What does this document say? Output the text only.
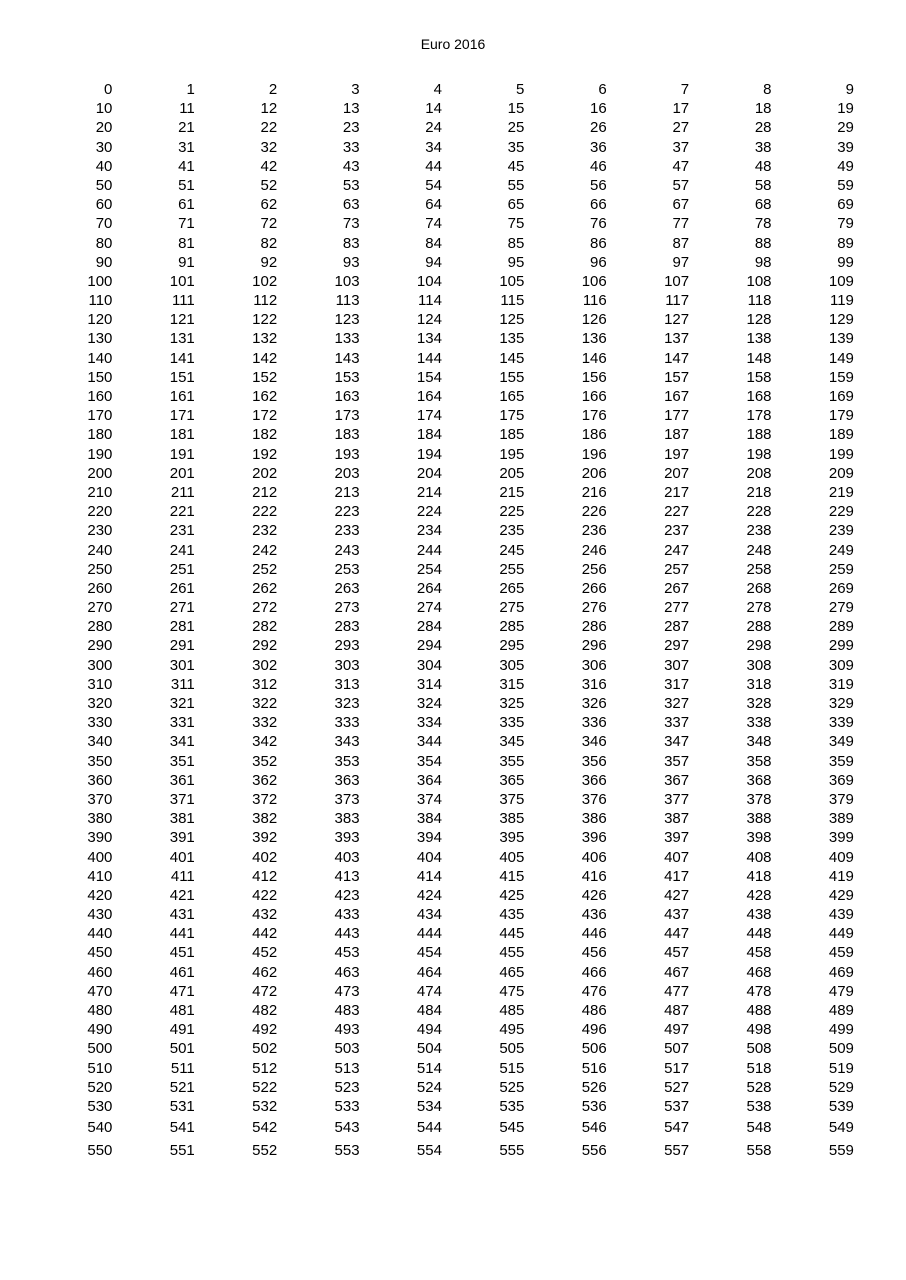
Euro 2016
0	1	2	3	4	5	6	7	8	9
10	11	12	13	14	15	16	17	18	19
20	21	22	23	24	25	26	27	28	29
30	31	32	33	34	35	36	37	38	39
40	41	42	43	44	45	46	47	48	49
50	51	52	53	54	55	56	57	58	59
60	61	62	63	64	65	66	67	68	69
70	71	72	73	74	75	76	77	78	79
80	81	82	83	84	85	86	87	88	89
90	91	92	93	94	95	96	97	98	99
100	101	102	103	104	105	106	107	108	109
110	111	112	113	114	115	116	117	118	119
120	121	122	123	124	125	126	127	128	129
130	131	132	133	134	135	136	137	138	139
140	141	142	143	144	145	146	147	148	149
150	151	152	153	154	155	156	157	158	159
160	161	162	163	164	165	166	167	168	169
170	171	172	173	174	175	176	177	178	179
180	181	182	183	184	185	186	187	188	189
190	191	192	193	194	195	196	197	198	199
200	201	202	203	204	205	206	207	208	209
210	211	212	213	214	215	216	217	218	219
220	221	222	223	224	225	226	227	228	229
230	231	232	233	234	235	236	237	238	239
240	241	242	243	244	245	246	247	248	249
250	251	252	253	254	255	256	257	258	259
260	261	262	263	264	265	266	267	268	269
270	271	272	273	274	275	276	277	278	279
280	281	282	283	284	285	286	287	288	289
290	291	292	293	294	295	296	297	298	299
300	301	302	303	304	305	306	307	308	309
310	311	312	313	314	315	316	317	318	319
320	321	322	323	324	325	326	327	328	329
330	331	332	333	334	335	336	337	338	339
340	341	342	343	344	345	346	347	348	349
350	351	352	353	354	355	356	357	358	359
360	361	362	363	364	365	366	367	368	369
370	371	372	373	374	375	376	377	378	379
380	381	382	383	384	385	386	387	388	389
390	391	392	393	394	395	396	397	398	399
400	401	402	403	404	405	406	407	408	409
410	411	412	413	414	415	416	417	418	419
420	421	422	423	424	425	426	427	428	429
430	431	432	433	434	435	436	437	438	439
440	441	442	443	444	445	446	447	448	449
450	451	452	453	454	455	456	457	458	459
460	461	462	463	464	465	466	467	468	469
470	471	472	473	474	475	476	477	478	479
480	481	482	483	484	485	486	487	488	489
490	491	492	493	494	495	496	497	498	499
500	501	502	503	504	505	506	507	508	509
510	511	512	513	514	515	516	517	518	519
520	521	522	523	524	525	526	527	528	529
530	531	532	533	534	535	536	537	538	539
540	541	542	543	544	545	546	547	548	549
550	551	552	553	554	555	556	557	558	559
